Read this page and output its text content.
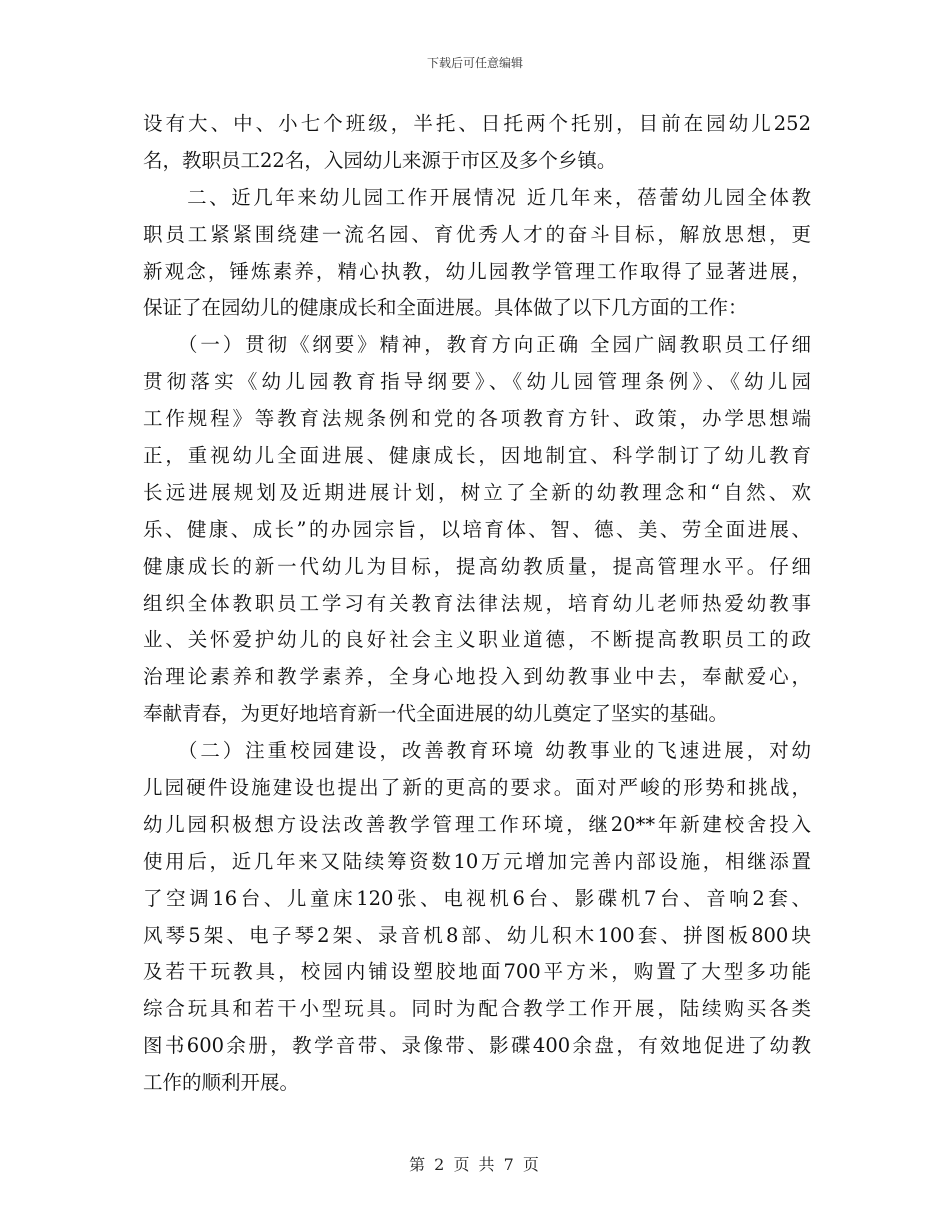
下载后可任意编辑
设有大、中、小七个班级，半托、日托两个托别，目前在园幼儿252
名，教职员工22名，入园幼儿来源于市区及多个乡镇。
　　二、近几年来幼儿园工作开展情况 近几年来，蓓蕾幼儿园全体教
职员工紧紧围绕建一流名园、育优秀人才的奋斗目标，解放思想，更
新观念，锤炼素养，精心执教，幼儿园教学管理工作取得了显著进展，
保证了在园幼儿的健康成长和全面进展。具体做了以下几方面的工作：
　　（一）贯彻《纲要》精神，教育方向正确 全园广阔教职员工仔细
贯彻落实《幼儿园教育指导纲要》、《幼儿园管理条例》、《幼儿园
工作规程》等教育法规条例和党的各项教育方针、政策，办学思想端
正，重视幼儿全面进展、健康成长，因地制宜、科学制订了幼儿教育
长远进展规划及近期进展计划，树立了全新的幼教理念和“自然、欢
乐、健康、成长”的办园宗旨，以培育体、智、德、美、劳全面进展、
健康成长的新一代幼儿为目标，提高幼教质量，提高管理水平。仔细
组织全体教职员工学习有关教育法律法规，培育幼儿老师热爱幼教事
业、关怀爱护幼儿的良好社会主义职业道德，不断提高教职员工的政
治理论素养和教学素养，全身心地投入到幼教事业中去，奉献爱心，
奉献青春，为更好地培育新一代全面进展的幼儿奠定了坚实的基础。
　　（二）注重校园建设，改善教育环境 幼教事业的飞速进展，对幼
儿园硬件设施建设也提出了新的更高的要求。面对严峻的形势和挑战，
幼儿园积极想方设法改善教学管理工作环境，继20**年新建校舍投入
使用后，近几年来又陆续筹资数10万元增加完善内部设施，相继添置
了空调16台、儿童床120张、电视机6台、影碟机7台、音响2套、
风琴5架、电子琴2架、录音机8部、幼儿积木100套、拼图板800块
及若干玩教具，校园内铺设塑胶地面700平方米，购置了大型多功能
综合玩具和若干小型玩具。同时为配合教学工作开展，陆续购买各类
图书600余册，教学音带、录像带、影碟400余盘，有效地促进了幼教
工作的顺利开展。
第 2 页 共 7 页
